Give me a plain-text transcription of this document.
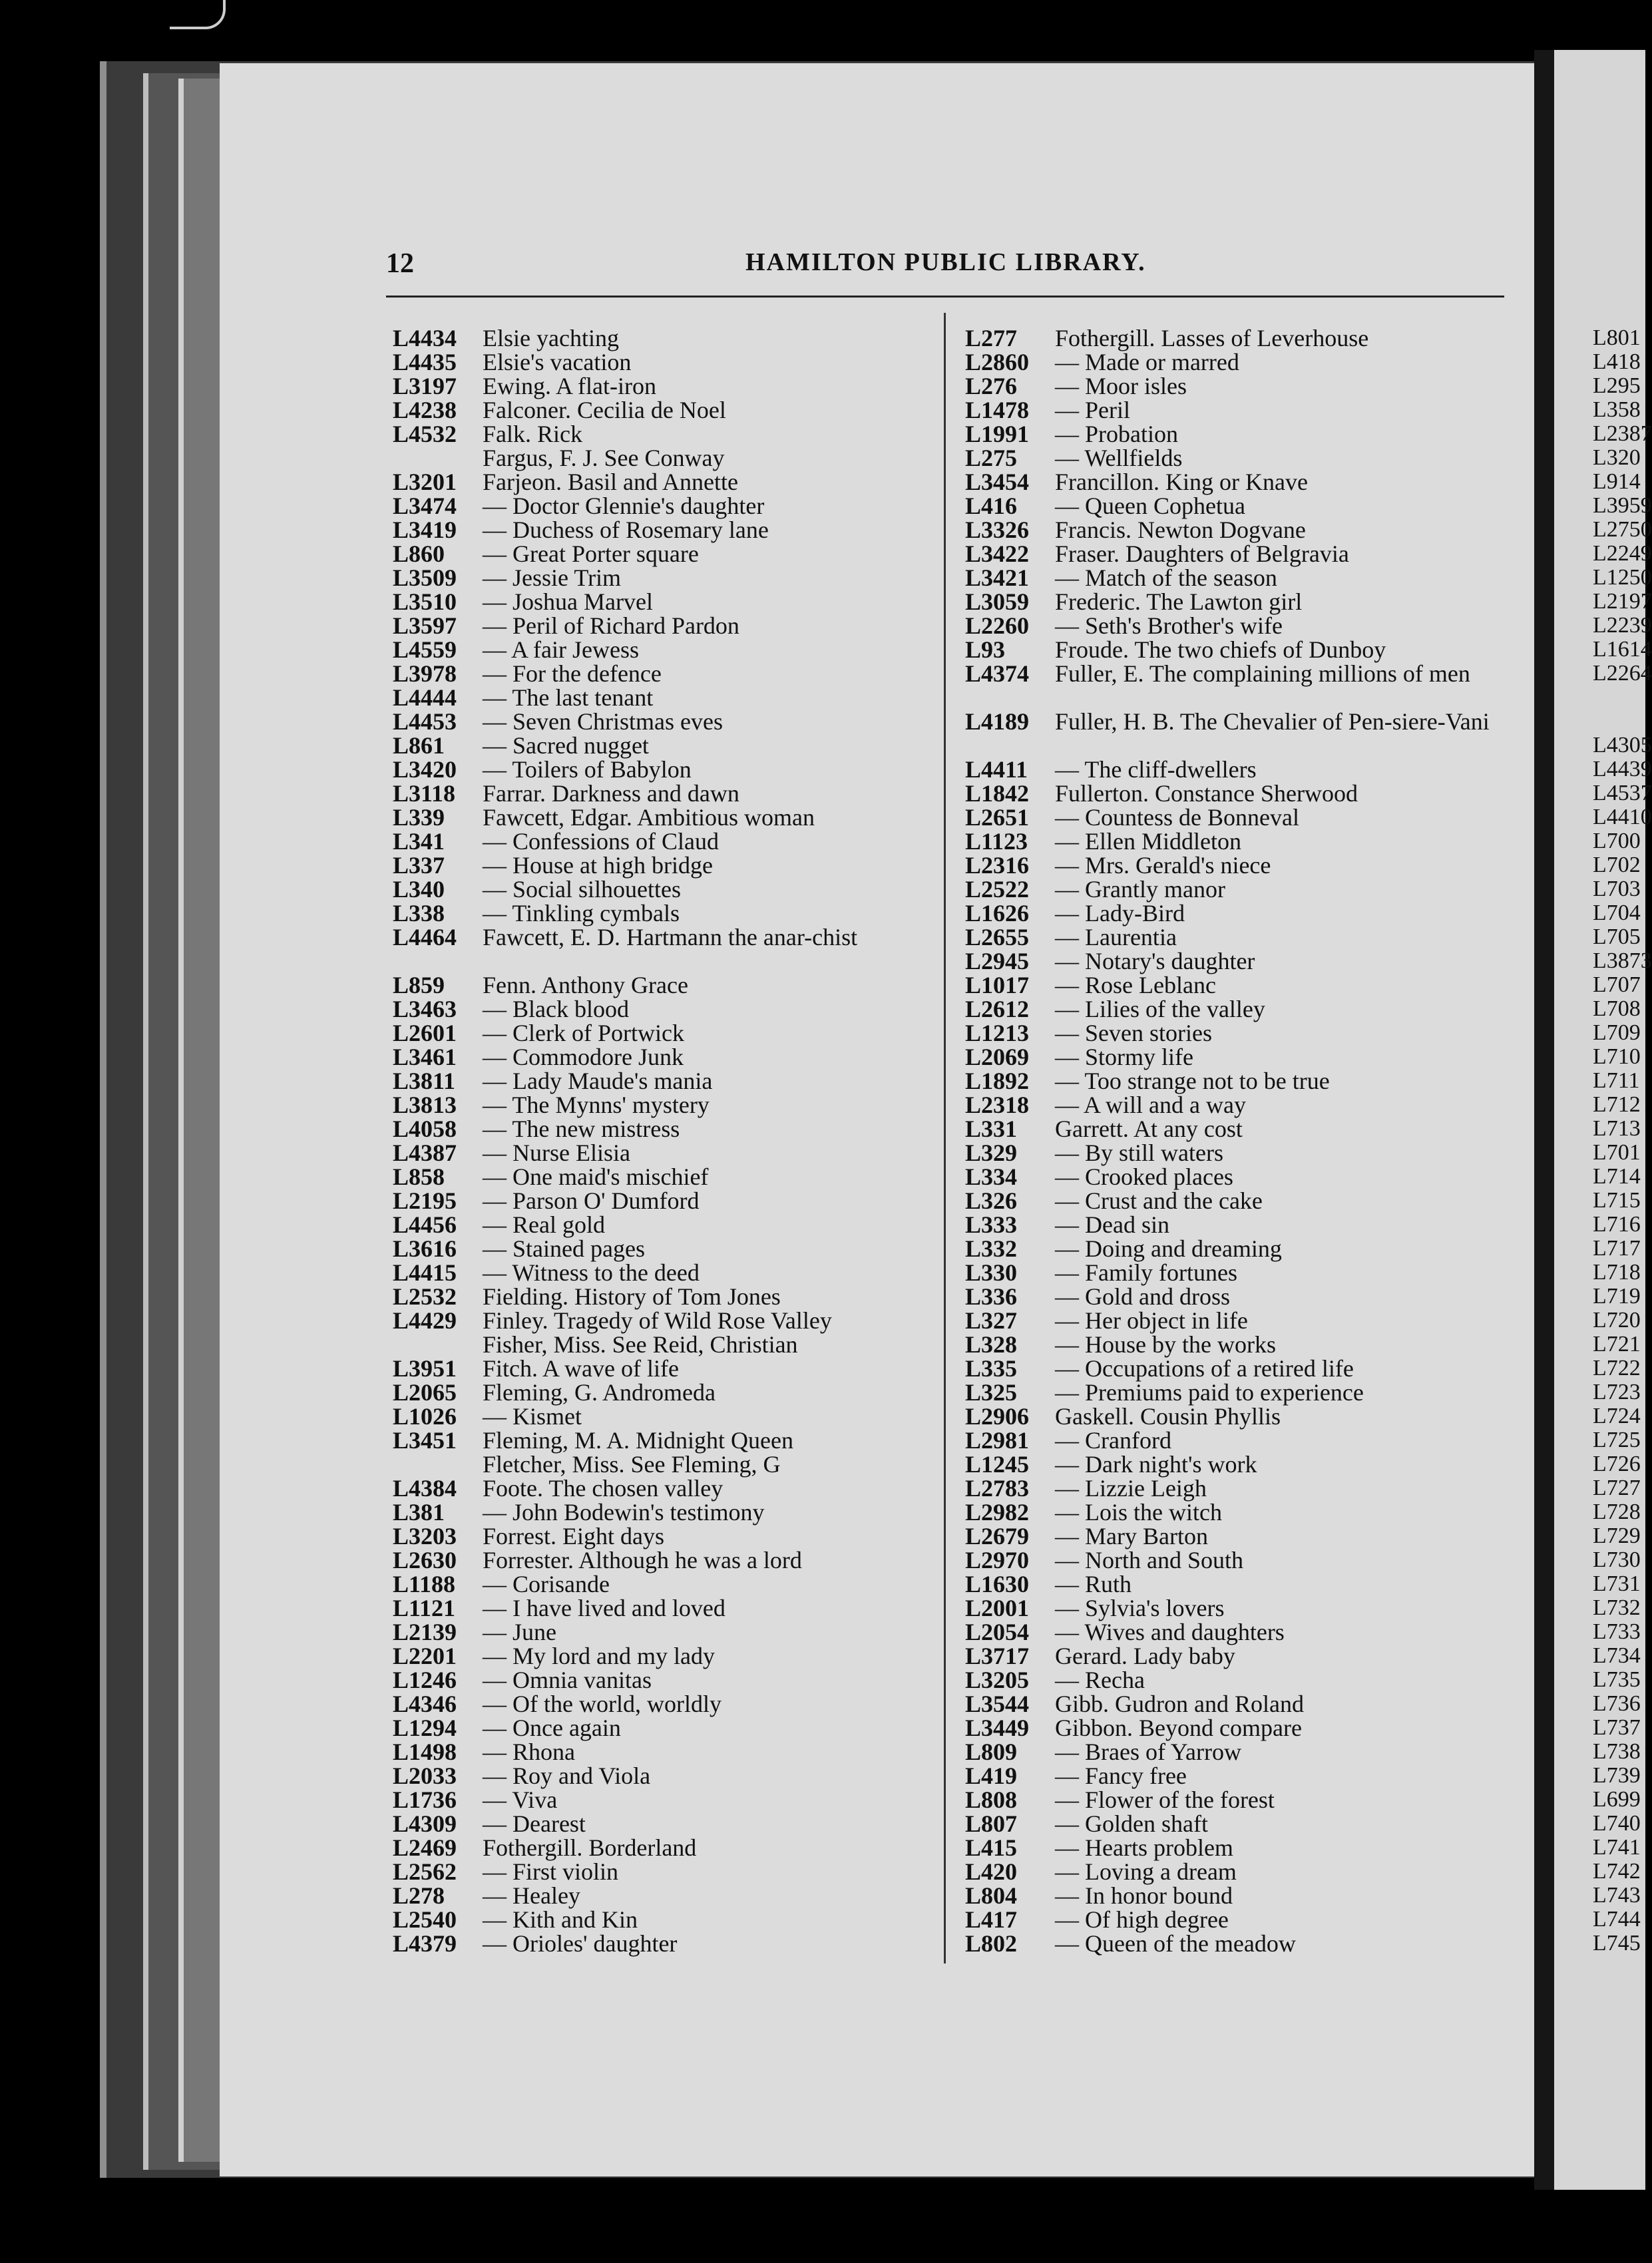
12	HAMILTON PUBLIC LIBRARY.
L4434	Elsie yachting
L4435	Elsie's vacation
L3197	Ewing. A flat-iron
L4238	Falconer. Cecilia de Noel
L4532	Falk. Rick
Fargus, F. J. See Conway
L3201	Farjeon. Basil and Annette
L3474	— Doctor Glennie's daughter
L3419	— Duchess of Rosemary lane
L860	— Great Porter square
L3509	— Jessie Trim
L3510	— Joshua Marvel
L3597	— Peril of Richard Pardon
L4559	— A fair Jewess
L3978	— For the defence
L4444	— The last tenant
L4453	— Seven Christmas eves
L861	— Sacred nugget
L3420	— Toilers of Babylon
L3118	Farrar. Darkness and dawn
L339	Fawcett, Edgar. Ambitious woman
L341	— Confessions of Claud
L337	— House at high bridge
L340	— Social silhouettes
L338	— Tinkling cymbals
L4464	Fawcett, E. D. Hartmann the anar-chist
L859	Fenn. Anthony Grace
L3463	— Black blood
L2601	— Clerk of Portwick
L3461	— Commodore Junk
L3811	— Lady Maude's mania
L3813	— The Mynns' mystery
L4058	— The new mistress
L4387	— Nurse Elisia
L858	— One maid's mischief
L2195	— Parson O' Dumford
L4456	— Real gold
L3616	— Stained pages
L4415	— Witness to the deed
L2532	Fielding. History of Tom Jones
L4429	Finley. Tragedy of Wild Rose Valley
Fisher, Miss. See Reid, Christian
L3951	Fitch. A wave of life
L2065	Fleming, G. Andromeda
L1026	— Kismet
L3451	Fleming, M. A. Midnight Queen
Fletcher, Miss. See Fleming, G
L4384	Foote. The chosen valley
L381	— John Bodewin's testimony
L3203	Forrest. Eight days
L2630	Forrester. Although he was a lord
L1188	— Corisande
L1121	— I have lived and loved
L2139	— June
L2201	— My lord and my lady
L1246	— Omnia vanitas
L4346	— Of the world, worldly
L1294	— Once again
L1498	— Rhona
L2033	— Roy and Viola
L1736	— Viva
L4309	— Dearest
L2469	Fothergill. Borderland
L2562	— First violin
L278	— Healey
L2540	— Kith and Kin
L4379	— Orioles' daughter
L277	Fothergill. Lasses of Leverhouse
L2860	— Made or marred
L276	— Moor isles
L1478	— Peril
L1991	— Probation
L275	— Wellfields
L3454	Francillon. King or Knave
L416	— Queen Cophetua
L3326	Francis. Newton Dogvane
L3422	Fraser. Daughters of Belgravia
L3421	— Match of the season
L3059	Frederic. The Lawton girl
L2260	— Seth's Brother's wife
L93	Froude. The two chiefs of Dunboy
L4374	Fuller, E. The complaining millions of men
L4189	Fuller, H. B. The Chevalier of Pen-siere-Vani
L4411	— The cliff-dwellers
L1842	Fullerton. Constance Sherwood
L2651	— Countess de Bonneval
L1123	— Ellen Middleton
L2316	— Mrs. Gerald's niece
L2522	— Grantly manor
L1626	— Lady-Bird
L2655	— Laurentia
L2945	— Notary's daughter
L1017	— Rose Leblanc
L2612	— Lilies of the valley
L1213	— Seven stories
L2069	— Stormy life
L1892	— Too strange not to be true
L2318	— A will and a way
L331	Garrett. At any cost
L329	— By still waters
L334	— Crooked places
L326	— Crust and the cake
L333	— Dead sin
L332	— Doing and dreaming
L330	— Family fortunes
L336	— Gold and dross
L327	— Her object in life
L328	— House by the works
L335	— Occupations of a retired life
L325	— Premiums paid to experience
L2906	Gaskell. Cousin Phyllis
L2981	— Cranford
L1245	— Dark night's work
L2783	— Lizzie Leigh
L2982	— Lois the witch
L2679	— Mary Barton
L2970	— North and South
L1630	— Ruth
L2001	— Sylvia's lovers
L2054	— Wives and daughters
L3717	Gerard. Lady baby
L3205	— Recha
L3544	Gibb. Gudron and Roland
L3449	Gibbon. Beyond compare
L809	— Braes of Yarrow
L419	— Fancy free
L808	— Flower of the forest
L807	— Golden shaft
L415	— Hearts problem
L420	— Loving a dream
L804	— In honor bound
L417	— Of high degree
L802	— Queen of the meadow
L801
L418
L295
L358
L2387
L320
L914
L3959
L2750
L2249
L1250
L2197
L2239
L1614
L2264
L4305
L4439
L4537
L4410
L700
L702
L703
L704
L705
L3873
L707
L708
L709
L710
L711
L712
L713
L701
L714
L715
L716
L717
L718
L719
L720
L721
L722
L723
L724
L725
L726
L727
L728
L729
L730
L731
L732
L733
L734
L735
L736
L737
L738
L739
L699
L740
L741
L742
L743
L744
L745
